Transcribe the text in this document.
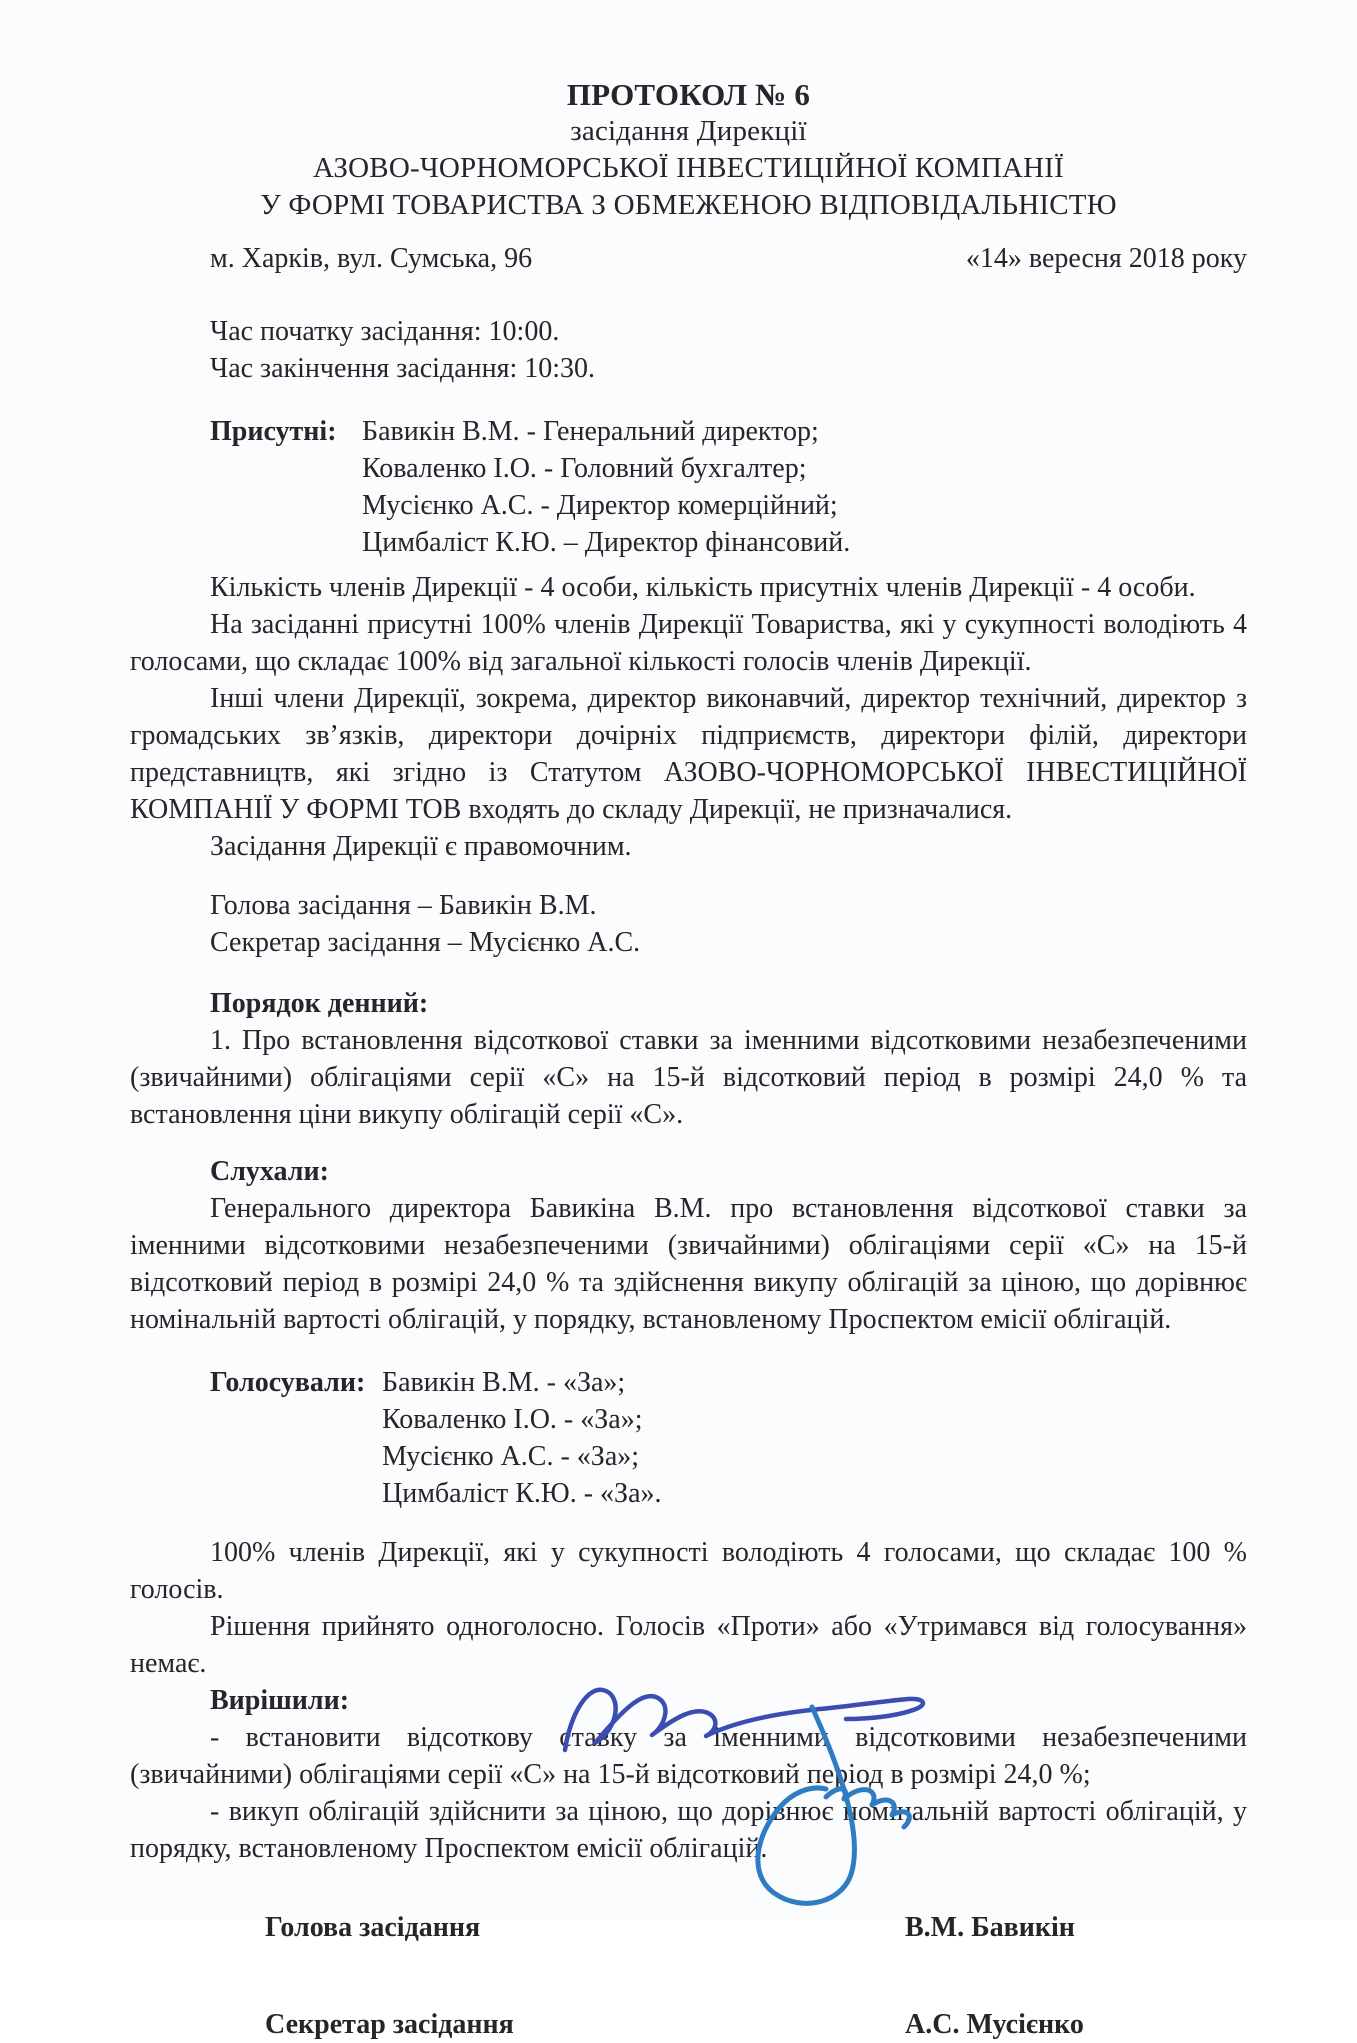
ПРОТОКОЛ № 6
засідання Дирекції
АЗОВО-ЧОРНОМОРСЬКОЇ ІНВЕСТИЦІЙНОЇ КОМПАНІЇ
У ФОРМІ ТОВАРИСТВА З ОБМЕЖЕНОЮ ВІДПОВІДАЛЬНІСТЮ
м. Харків, вул. Сумська, 96	«14» вересня 2018 року
Час початку засідання: 10:00.
Час закінчення засідання: 10:30.
Присутні: Бавикін В.М. - Генеральний директор;
Коваленко І.О. - Головний бухгалтер;
Мусієнко А.С. - Директор комерційний;
Цимбаліст К.Ю. – Директор фінансовий.

Кількість членів Дирекції - 4 особи, кількість присутніх членів Дирекції - 4 особи.

На засіданні присутні 100% членів Дирекції Товариства, які у сукупності володіють 4 голосами, що складає 100% від загальної кількості голосів членів Дирекції.

Інші члени Дирекції, зокрема, директор виконавчий, директор технічний, директор з громадських зв’язків, директори дочірніх підприємств, директори філій, директори представництв, які згідно із Статутом АЗОВО-ЧОРНОМОРСЬКОЇ ІНВЕСТИЦІЙНОЇ КОМПАНІЇ У ФОРМІ ТОВ входять до складу Дирекції, не призначалися.

Засідання Дирекції є правомочним.

Голова засідання – Бавикін В.М.
Секретар засідання – Мусієнко А.С.
Порядок денний:

1. Про встановлення відсоткової ставки за іменними відсотковими незабезпеченими (звичайними) облігаціями серії «С» на 15-й відсотковий період в розмірі 24,0 % та встановлення ціни викупу облігацій серії «С».

Слухали:

Генерального директора Бавикіна В.М. про встановлення відсоткової ставки за іменними відсотковими незабезпеченими (звичайними) облігаціями серії «С» на 15-й відсотковий період в розмірі 24,0 % та здійснення викупу облігацій за ціною, що дорівнює номінальній вартості облігацій, у порядку, встановленому Проспектом емісії облігацій.

Голосували: Бавикін В.М. - «За»;
Коваленко І.О. - «За»;
Мусієнко А.С. - «За»;
Цимбаліст К.Ю. - «За».

100% членів Дирекції, які у сукупності володіють 4 голосами, що складає 100 % голосів.

Рішення прийнято одноголосно. Голосів «Проти» або «Утримався від голосування» немає.

Вирішили:

- встановити відсоткову ставку за іменними відсотковими незабезпеченими (звичайними) облігаціями серії «С» на 15-й відсотковий період в розмірі 24,0 %;

- викуп облігацій здійснити за ціною, що дорівнює номінальній вартості облігацій, у порядку, встановленому Проспектом емісії облігацій.

Голова засідання	В.М. Бавикін
Секретар засідання	А.С. Мусієнко
